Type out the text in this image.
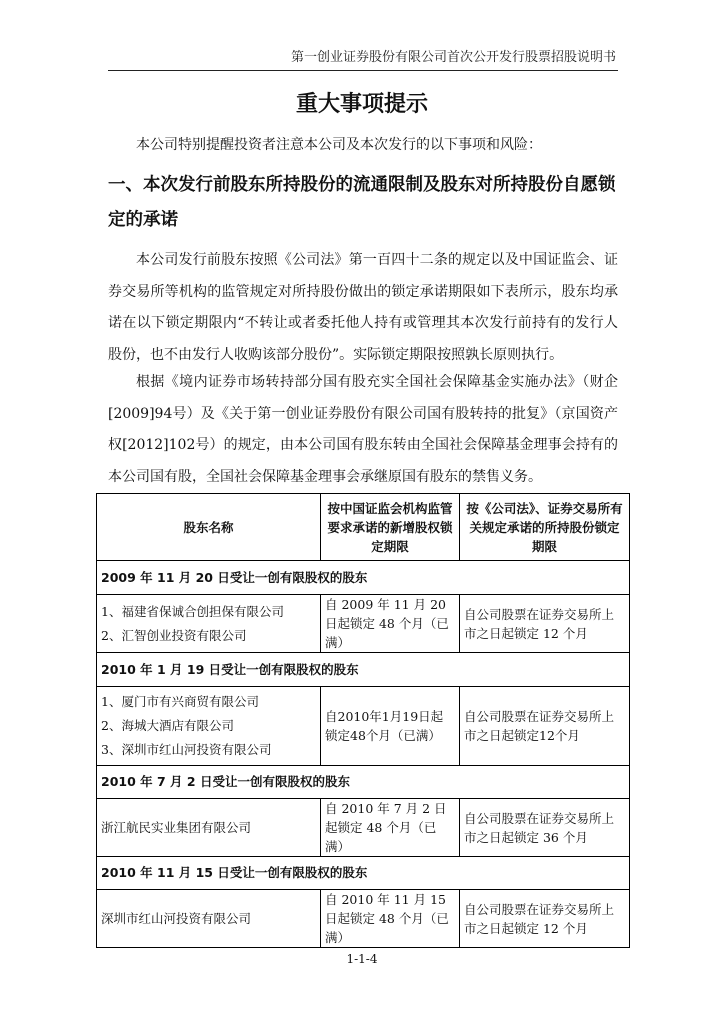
第一创业证券股份有限公司首次公开发行股票招股说明书
重大事项提示

本公司特别提醒投资者注意本公司及本次发行的以下事项和风险：

一、本次发行前股东所持股份的流通限制及股东对所持股份自愿锁定的承诺

本公司发行前股东按照《公司法》第一百四十二条的规定以及中国证监会、证券交易所等机构的监管规定对所持股份做出的锁定承诺期限如下表所示，股东均承诺在以下锁定期限内“不转让或者委托他人持有或管理其本次发行前持有的发行人股份，也不由发行人收购该部分股份”。实际锁定期限按照孰长原则执行。

根据《境内证券市场转持部分国有股充实全国社会保障基金实施办法》（财企[2009]94号）及《关于第一创业证券股份有限公司国有股转持的批复》（京国资产权[2012]102号）的规定，由本公司国有股东转由全国社会保障基金理事会持有的本公司国有股，全国社会保障基金理事会承继原国有股东的禁售义务。

股东名称	按中国证监会机构监管要求承诺的新增股权锁定期限	按《公司法》、证券交易所有关规定承诺的所持股份锁定期限
2009 年 11 月 20 日受让一创有限股权的股东		

1、福建省保诚合创担保有限公司
2、汇智创业投资有限公司	自 2009 年 11 月 20 日起锁定 48 个月（已满）	自公司股票在证券交易所上市之日起锁定 12 个月
2010 年 1 月 19 日受让一创有限股权的股东		

1、厦门市有兴商贸有限公司
2、海城大酒店有限公司
3、深圳市红山河投资有限公司	自2010年1月19日起锁定48个月（已满）	自公司股票在证券交易所上市之日起锁定12个月
2010 年 7 月 2 日受让一创有限股权的股东		

浙江航民实业集团有限公司	自 2010 年 7 月 2 日起锁定 48 个月（已满）	自公司股票在证券交易所上市之日起锁定 36 个月
2010 年 11 月 15 日受让一创有限股权的股东		

深圳市红山河投资有限公司	自 2010 年 11 月 15 日起锁定 48 个月（已满）	自公司股票在证券交易所上市之日起锁定 12 个月
1-1-4
